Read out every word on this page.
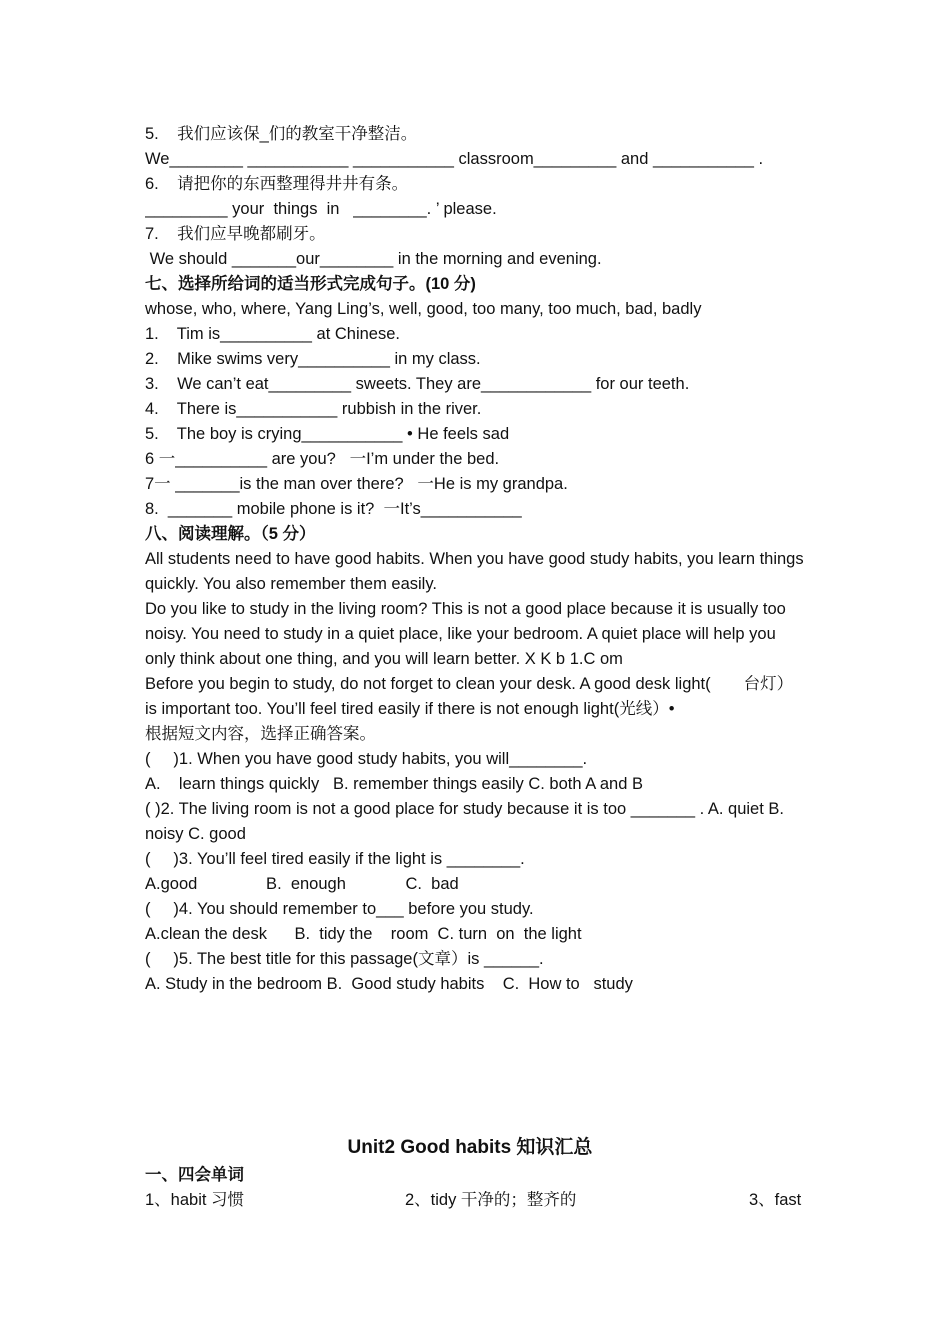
5.    我们应该保_们的教室干净整洁。
We________ ___________ ___________ classroom_________ and ___________ .
6.    请把你的东西整理得井井有条。
_________ your  things  in   ________. ’ please.
7.    我们应早晚都刷牙。
We should _______our________ in the morning and evening.
七、选择所给词的适当形式完成句子。(10 分)
whose, who, where, Yang Ling’s, well, good, too many, too much, bad, badly
1.    Tim is__________ at Chinese.
2.    Mike swims very__________ in my class.
3.    We can’t eat_________ sweets. They are____________ for our teeth.
4.    There is___________ rubbish in the river.
5.    The boy is crying___________ • He feels sad
6 一__________ are you?   一I’m under the bed.
7一 _______is the man over there?   一He is my grandpa.
8.  _______ mobile phone is it?  一It’s___________
八、阅读理解。（5 分）
All students need to have good habits. When you have good study habits, you learn things quickly. You also remember them easily.
Do you like to study in the living room? This is not a good place because it is usually too noisy. You need to study in a quiet place, like your bedroom. A quiet place will help you only think about one thing, and you will learn better. X K b 1.C om
Before you begin to study, do not forget to clean your desk. A good desk light(　　台灯）is important too. You’ll feel tired easily if there is not enough light(光线）•
根据短文内容，选择正确答案。
(     )1. When you have good study habits, you will________.
A.    learn things quickly   B. remember things easily C. both A and B
( )2. The living room is not a good place for study because it is too _______ . A. quiet B. noisy C. good
(     )3. You’ll feel tired easily if the light is ________.
A.good               B.  enough             C.  bad
(     )4. You should remember to___ before you study.
A.clean the desk      B.  tidy the    room  C. turn  on  the light
(     )5. The best title for this passage(文章）is ______.
A. Study in the bedroom B.  Good study habits    C.  How to   study
Unit2 Good habits 知识汇总
一、四会单词
1、habit 习惯	2、tidy 干净的；整齐的	3、fast
